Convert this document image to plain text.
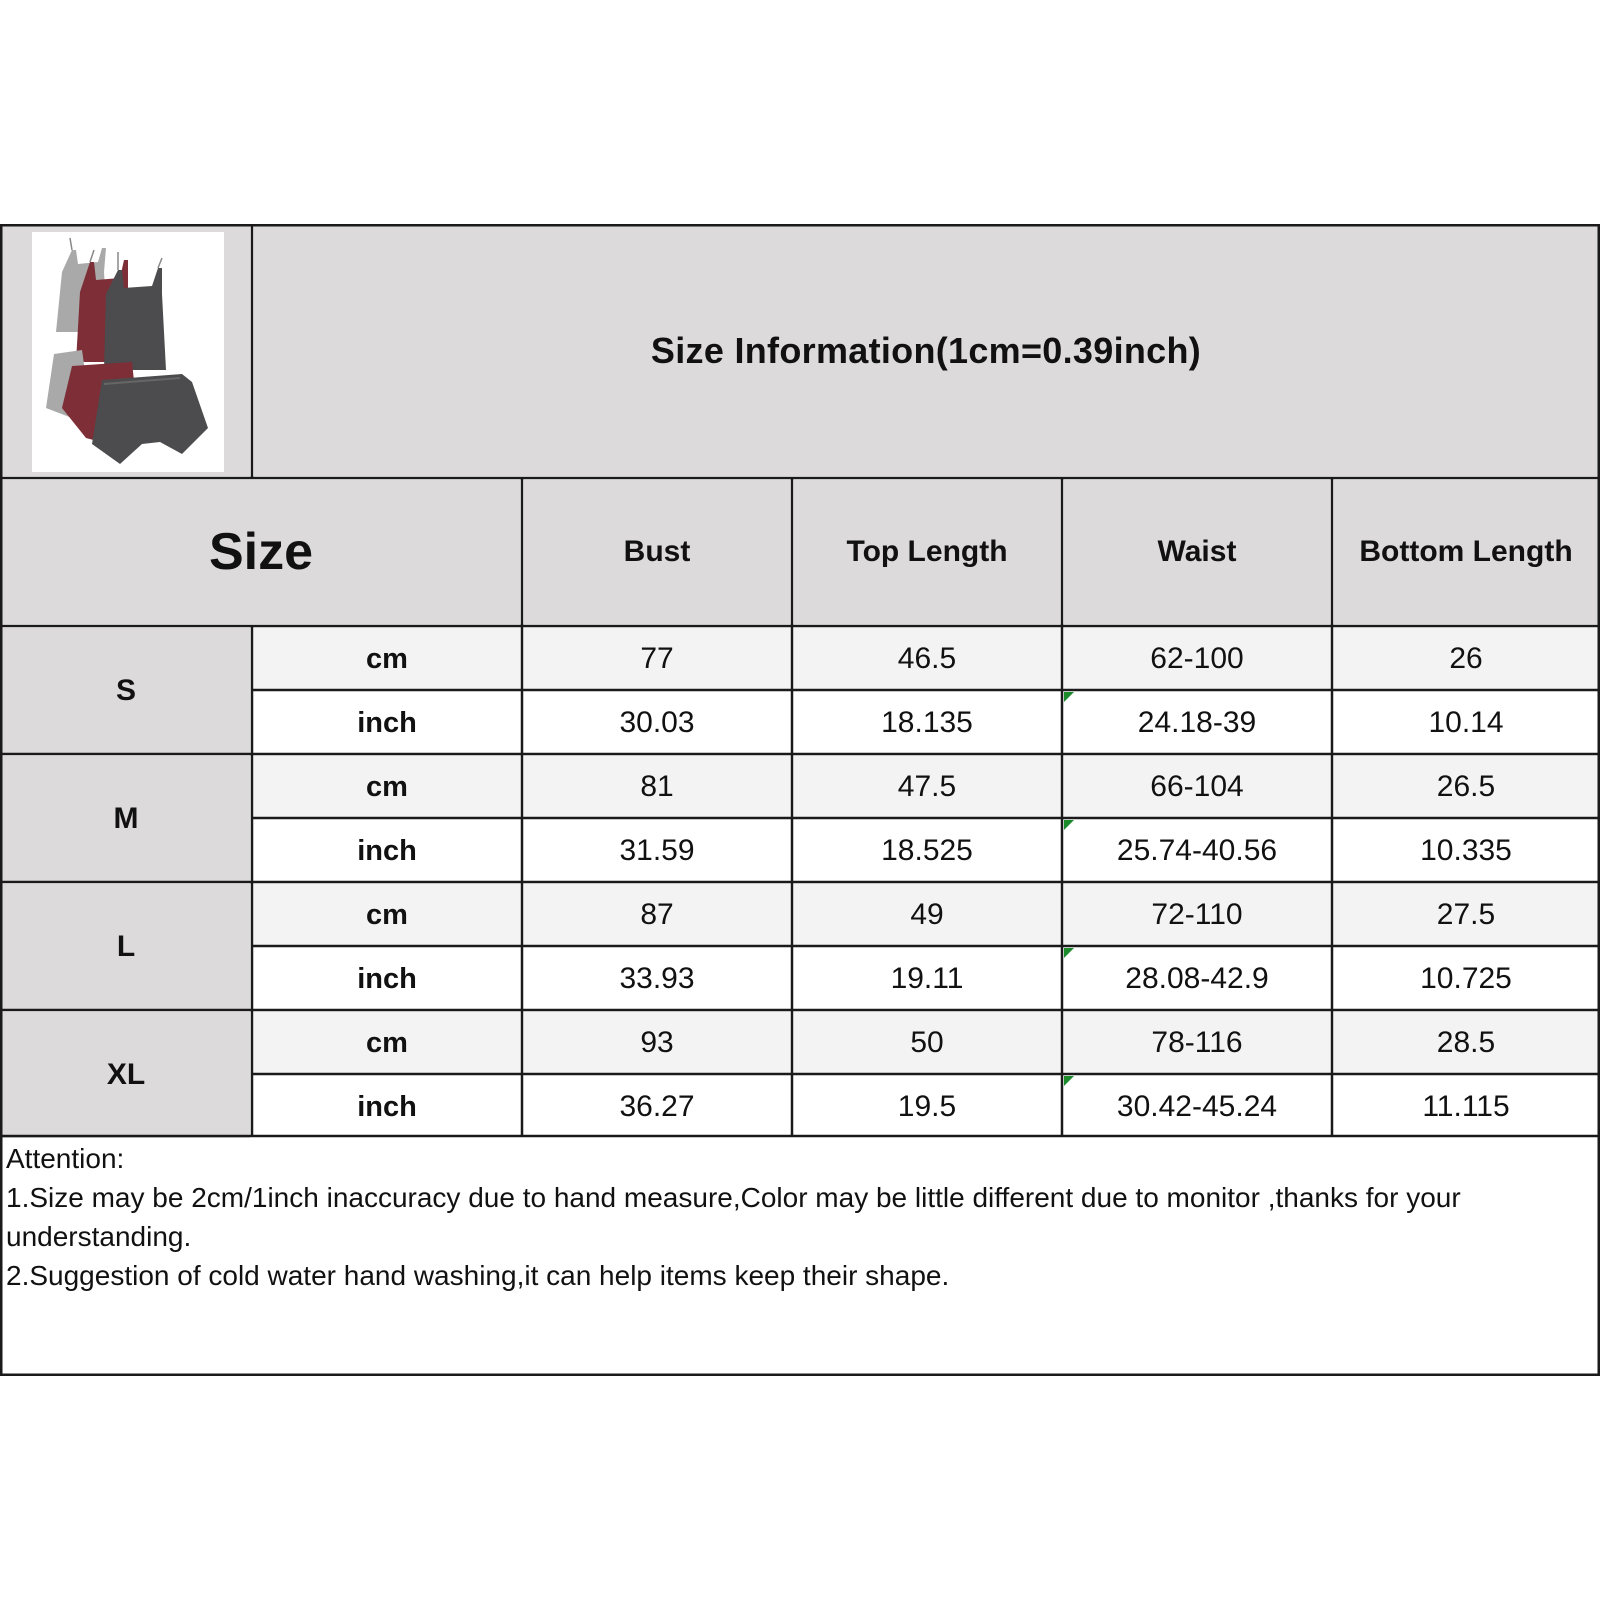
Size Information(1cm=0.39inch)
Size	Bust	Top Length	Waist	Bottom Length
S
cm	77	46.5	62-100	26
inch	30.03	18.135	24.18-39	10.14
M
cm	81	47.5	66-104	26.5
inch	31.59	18.525	25.74-40.56	10.335
L
cm	87	49	72-110	27.5
inch	33.93	19.11	28.08-42.9	10.725
XL
cm	93	50	78-116	28.5
inch	36.27	19.5	30.42-45.24	11.115
Attention:
1.Size may be 2cm/1inch inaccuracy due to hand measure,Color may be little different due to monitor ,thanks for your understanding.
2.Suggestion of cold water hand washing,it can help items keep their shape.
